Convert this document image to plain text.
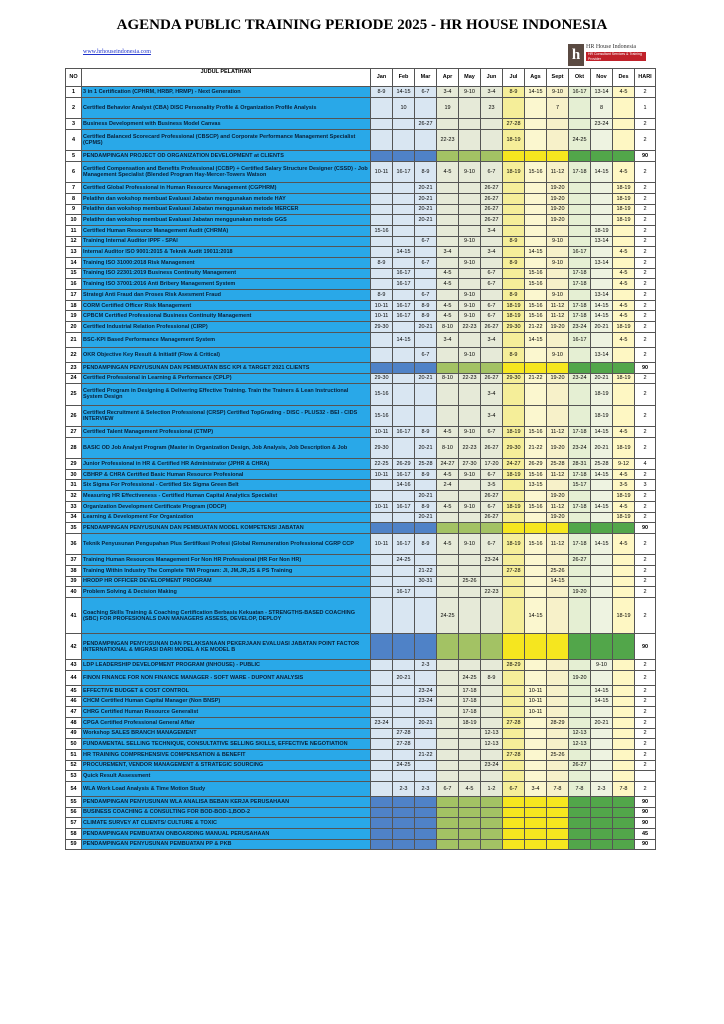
AGENDA PUBLIC TRAINING PERIODE 2025 - HR HOUSE INDONESIA
www.hrhouseindonesia.com	h HR House Indonesia
HR Consultant Services & Training Provider
NO	JUDUL PELATIHAN	Jan	Feb	Mar	Apr	May	Jun	Jul	Ags	Sept	Okt	Nov	Des	HARI
1	3 in 1 Certification (CPHRM, HRBP, HRMP) - Next Generation	8-9	14-15	6-7	3-4	9-10	3-4	8-9	14-15	9-10	16-17	13-14	4-5	2
2	Certified Behavior Analyst (CBA) DISC Personality Profile & Organization Profile Analysis		10		19		23			7		8		1
3	Business Development with Business Model Canvas			26-27				27-28				23-24		2
4	Certified Balanced Scorecard Professional (CBSCP) and Corporate Performance Management Specialist (CPMS)				22-23			18-19			24-25			2
5	PENDAMPINGAN PROJECT OD ORGANIZATION DEVELOPMENT at CLIENTS													90
6	Certified Compensation and Benefits Professional (CCBP) + Certified Salary Structure Designer (CSSD) - Job Management Specialist (Blended Program Hay-Mercer-Towers Watson	10-11	16-17	8-9	4-5	9-10	6-7	18-19	15-16	11-12	17-18	14-15	4-5	2
7	Certified Global Professional in Human Resource Management (CGPHRM)			20-21			26-27			19-20			18-19	2
8	Pelatihn dan wokshop membuat Evaluasi Jabatan menggunakan metode HAY			20-21			26-27			19-20			18-19	2
9	Pelatihn dan wokshop membuat Evaluasi Jabatan menggunakan metode MERCER			20-21			26-27			19-20			18-19	2
10	Pelatihn dan wokshop membuat Evaluasi Jabatan menggunakan metode GGS			20-21			26-27			19-20			18-19	2
11	Certified Human Resource Management Audit (CHRMA)	15-16					3-4					18-19		2
12	Training Internal Auditor IPPF - SPAI			6-7		9-10		8-9		9-10		13-14		2
13	Internal Auditor ISO 9001:2015 & Teknik Audit 19011:2018		14-15		3-4		3-4		14-15		16-17		4-5	2
14	Training ISO 31000:2018 Risk Management	8-9		6-7		9-10		8-9		9-10		13-14		2
15	Training ISO 22301:2019 Business Continuity Management		16-17		4-5		6-7		15-16		17-18		4-5	2
16	Training ISO 37001:2016 Anti Bribery Management System		16-17		4-5		6-7		15-16		17-18		4-5	2
17	Strategi Anti Fraud dan Proses Risk Asesment Fraud	8-9		6-7		9-10		8-9		9-10		13-14		2
18	CORM Certified Officer Risk Management	10-11	16-17	8-9	4-5	9-10	6-7	18-19	15-16	11-12	17-18	14-15	4-5	2
19	CPBCM Certified Professional Business Continuity Management	10-11	16-17	8-9	4-5	9-10	6-7	18-19	15-16	11-12	17-18	14-15	4-5	2
20	Certified Industrial Relation Professional (CIRP)	29-30		20-21	8-10	22-23	26-27	29-30	21-22	19-20	23-24	20-21	18-19	2
21	BSC-KPI Based Performance Management System		14-15		3-4		3-4		14-15		16-17		4-5	2
22	OKR Objective Key Result & Initiatif (Flow & Critical)			6-7		9-10		8-9		9-10		13-14		2
23	PENDAMPINGAN PENYUSUNAN DAN PEMBUATAN BSC KPI & TARGET 2021 CLIENTS													90
24	Certified Professional in Learning & Performance (CPLP)	29-30		20-21	8-10	22-23	26-27	29-30	21-22	19-20	23-24	20-21	18-19	2
25	Certified Program in Designing & Delivering Effective Training. Train the Trainers & Lean Instructional System Design	15-16					3-4					18-19		2
26	Certified Recruitment & Selection Professional (CRSP) Certified TopGrading - DISC - PLUS32 - BEI - CIDS INTERVIEW	15-16					3-4					18-19		2
27	Certified Talent Management Professional (CTMP)	10-11	16-17	8-9	4-5	9-10	6-7	18-19	15-16	11-12	17-18	14-15	4-5	2
28	BASIC OD Job Analyst Program (Master in Organization Design, Job Analysis, Job Description & Job	29-30		20-21	8-10	22-23	26-27	29-30	21-22	19-20	23-24	20-21	18-19	2
29	Junior Professional in HR & Certified HR Administrator (JPHR & CHRA)	22-25	26-29	25-28	24-27	27-30	17-20	24-27	26-29	25-28	28-31	25-28	9-12	4
30	CBHRP & CHRA Certified Basic Human Resource Profesional	10-11	16-17	8-9	4-5	9-10	6-7	18-19	15-16	11-12	17-18	14-15	4-5	2
31	Six Sigma For Professional - Certified Six Sigma Green Belt		14-16		2-4		3-5		13-15		15-17		3-5	3
32	Measuring HR Effectiveness - Certified Human Capital Analytics Specialist			20-21			26-27			19-20			18-19	2
33	Organization Development Certificate Program (ODCP)	10-11	16-17	8-9	4-5	9-10	6-7	18-19	15-16	11-12	17-18	14-15	4-5	2
34	Learning & Development For Organization			20-21			26-27			19-20			18-19	2
35	PENDAMPINGAN PENYUSUNAN DAN PEMBUATAN MODEL KOMPETENSI JABATAN													90
36	Teknik Penyusunan Pengupahan Plus Sertifikasi Profesi (Global Remuneration Professional CGRP CCP	10-11	16-17	8-9	4-5	9-10	6-7	18-19	15-16	11-12	17-18	14-15	4-5	2
37	Training Human Resources Management For Non HR Professional (HR For Non HR)		24-25				23-24				26-27			2
38	Training Within Industry The Complete TWI Program: JI, JM,JR,JS & PS Training			21-22				27-28		25-26				2
39	HRODP HR OFFICER DEVELOPMENT PROGRAM			30-31		25-26				14-15				2
40	Problem Solving & Decision Making		16-17				22-23				19-20			2
41	Coaching Skills Training & Coaching Certification Berbasis Kekuatan - STRENGTHS-BASED COACHING (SBC) FOR PROFESIONALS DAN MANAGERS ASSESS, DEVELOP, DEPLOY				24-25				14-15				18-19	2
42	PENDAMPINGAN PENYUSUNAN DAN PELAKSANAAN PEKERJAAN EVALUASI JABATAN POINT FACTOR INTERNATIONAL & MIGRASI DARI MODEL A KE MODEL B													90
43	LDP LEADERSHIP DEVELOPMENT PROGRAM (INHOUSE) - PUBLIC			2-3				28-29				9-10		2
44	FINON FINANCE FOR NON FINANCE MANAGER - SOFT WARE - DUPONT ANALYSIS		20-21			24-25	8-9				19-20			2
45	EFFECTIVE BUDGET & COST CONTROL			23-24		17-18			10-11			14-15		2
46	CHCM Certified Human Capital Manager (Non BNSP)			23-24		17-18			10-11			14-15		2
47	CHRG Certified Human Resource Generalist					17-18			10-11					2
48	CPGA Certified Professional General Affair	23-24		20-21		18-19		27-28		28-29		20-21		2
49	Workshop SALES BRANCH MANAGEMENT		27-28				12-13				12-13			2
50	FUNDAMENTAL SELLING TECHNIQUE, CONSULTATIVE SELLING SKILLS, EFFECTIVE NEGOTIATION		27-28				12-13				12-13			2
51	HR TRAINING COMPREHENSIVE COMPENSATION & BENEFIT			21-22				27-28		25-26				2
52	PROCUREMENT, VENDOR MANAGEMENT & STRATEGIC SOURCING		24-25				23-24				26-27			2
53	Quick Result Assessment													
54	WLA Work Load Analysis & Time Motion Study		2-3	2-3	6-7	4-5	1-2	6-7	3-4	7-8	7-8	2-3	7-8	2
55	PENDAMPINGAN PENYUSUNAN WLA ANALISA BEBAN KERJA PERUSAHAAN													90
56	BUSINESS COACHING & CONSULTING FOR BOD-BOD-1,BOD-2													90
57	CLIMATE SURVEY AT CLIENTS/ CULTURE & TOXIC													90
58	PENDAMPINGAN PEMBUATAN ONBOARDING MANUAL PERUSAHAAN													45
59	PENDAMPINGAN PENYUSUNAN PEMBUATAN PP & PKB													90
